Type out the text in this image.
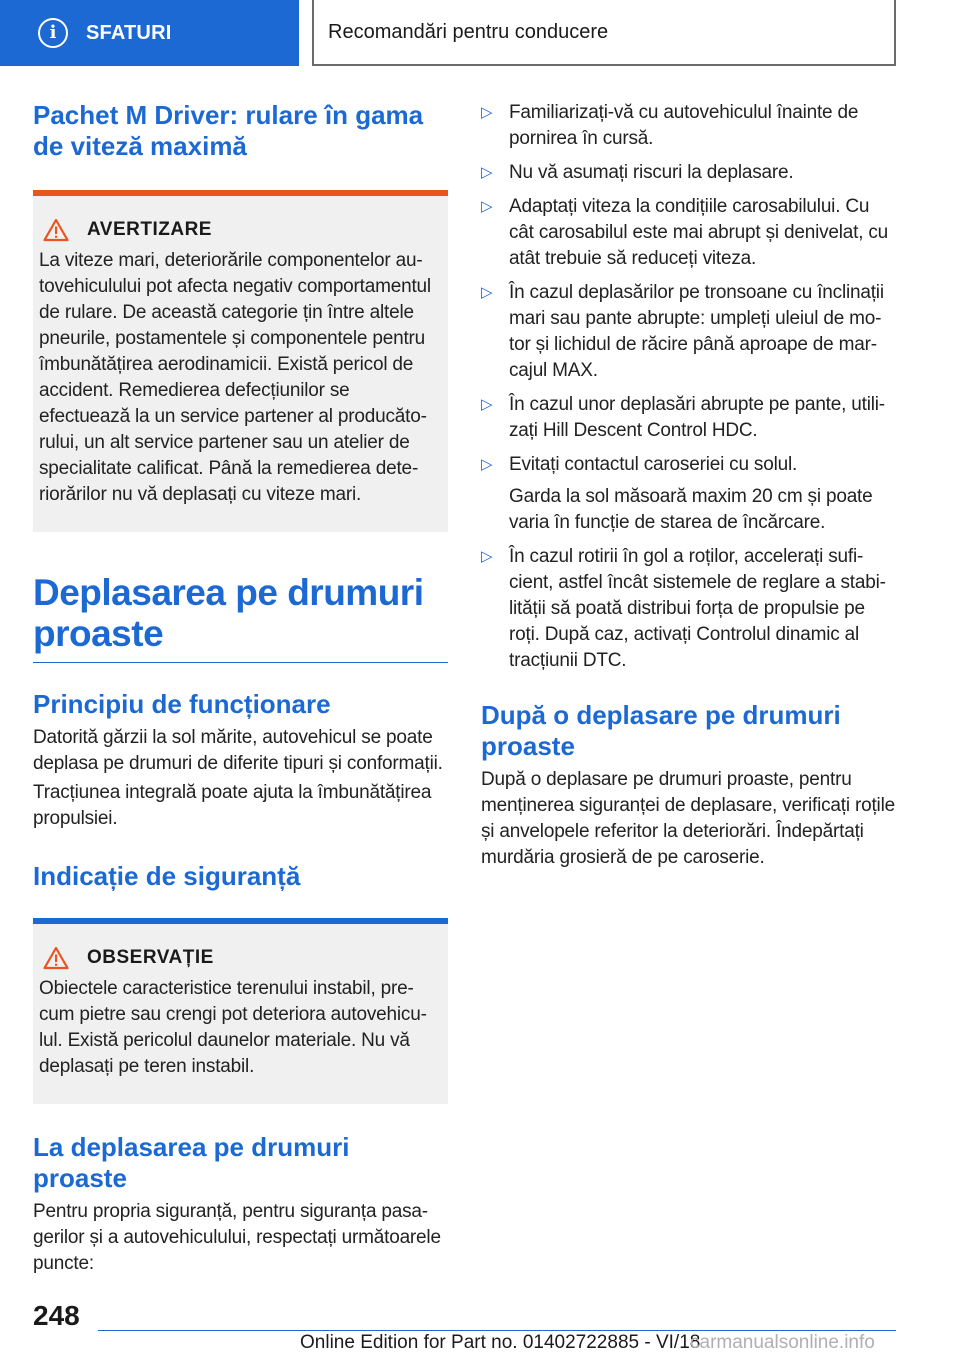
i	SFATURI	Recomandări pentru conducere
Pachet M Driver: rulare în gama de viteză maximă
AVERTIZARE
La viteze mari, deteriorările componentelor autovehiculului pot afecta negativ comportamentul de rulare. De această categorie țin între altele pneurile, postamentele și componentele pentru îmbunătățirea aerodinamicii. Există pericol de accident. Remedierea defecțiunilor se efectuează la un service partener al producătorului, un alt service partener sau un atelier de specialitate calificat. Până la remedierea deteriorărilor nu vă deplasați cu viteze mari.
Deplasarea pe drumuri proaste
Principiu de funcționare

Datorită gărzii la sol mărite, autovehicul se poate deplasa pe drumuri de diferite tipuri și conformații.

Tracțiunea integrală poate ajuta la îmbunătățirea propulsiei.

Indicație de siguranță
OBSERVAȚIE
Obiectele caracteristice terenului instabil, precum pietre sau crengi pot deteriora autovehiculul. Există pericolul daunelor materiale. Nu vă deplasați pe teren instabil.
La deplasarea pe drumuri proaste

Pentru propria siguranță, pentru siguranța pasagerilor și a autovehiculului, respectați următoarele puncte:

▷ Familiarizați-vă cu autovehiculul înainte de pornirea în cursă.
▷ Nu vă asumați riscuri la deplasare.
▷ Adaptați viteza la condițiile carosabilului. Cu cât carosabilul este mai abrupt și denivelat, cu atât trebuie să reduceți viteza.
▷ În cazul deplasărilor pe tronsoane cu înclinații mari sau pante abrupte: umpleți uleiul de motor și lichidul de răcire până aproape de marcajul MAX.
▷ În cazul unor deplasări abrupte pe pante, utilizați Hill Descent Control HDC.
▷ Evitați contactul caroseriei cu solul.
Garda la sol măsoară maxim 20 cm și poate varia în funcție de starea de încărcare.
▷ În cazul rotirii în gol a roților, accelerați suficient, astfel încât sistemele de reglare a stabilității să poată distribui forța de propulsie pe roți. După caz, activați Controlul dinamic al tracțiunii DTC.
După o deplasare pe drumuri proaste

După o deplasare pe drumuri proaste, pentru menținerea siguranței de deplasare, verificați roțile și anvelopele referitor la deteriorări. Îndepărtați murdăria grosieră de pe caroserie.

248
Online Edition for Part no. 01402722885 - VI/18
carmanualsonline.info
